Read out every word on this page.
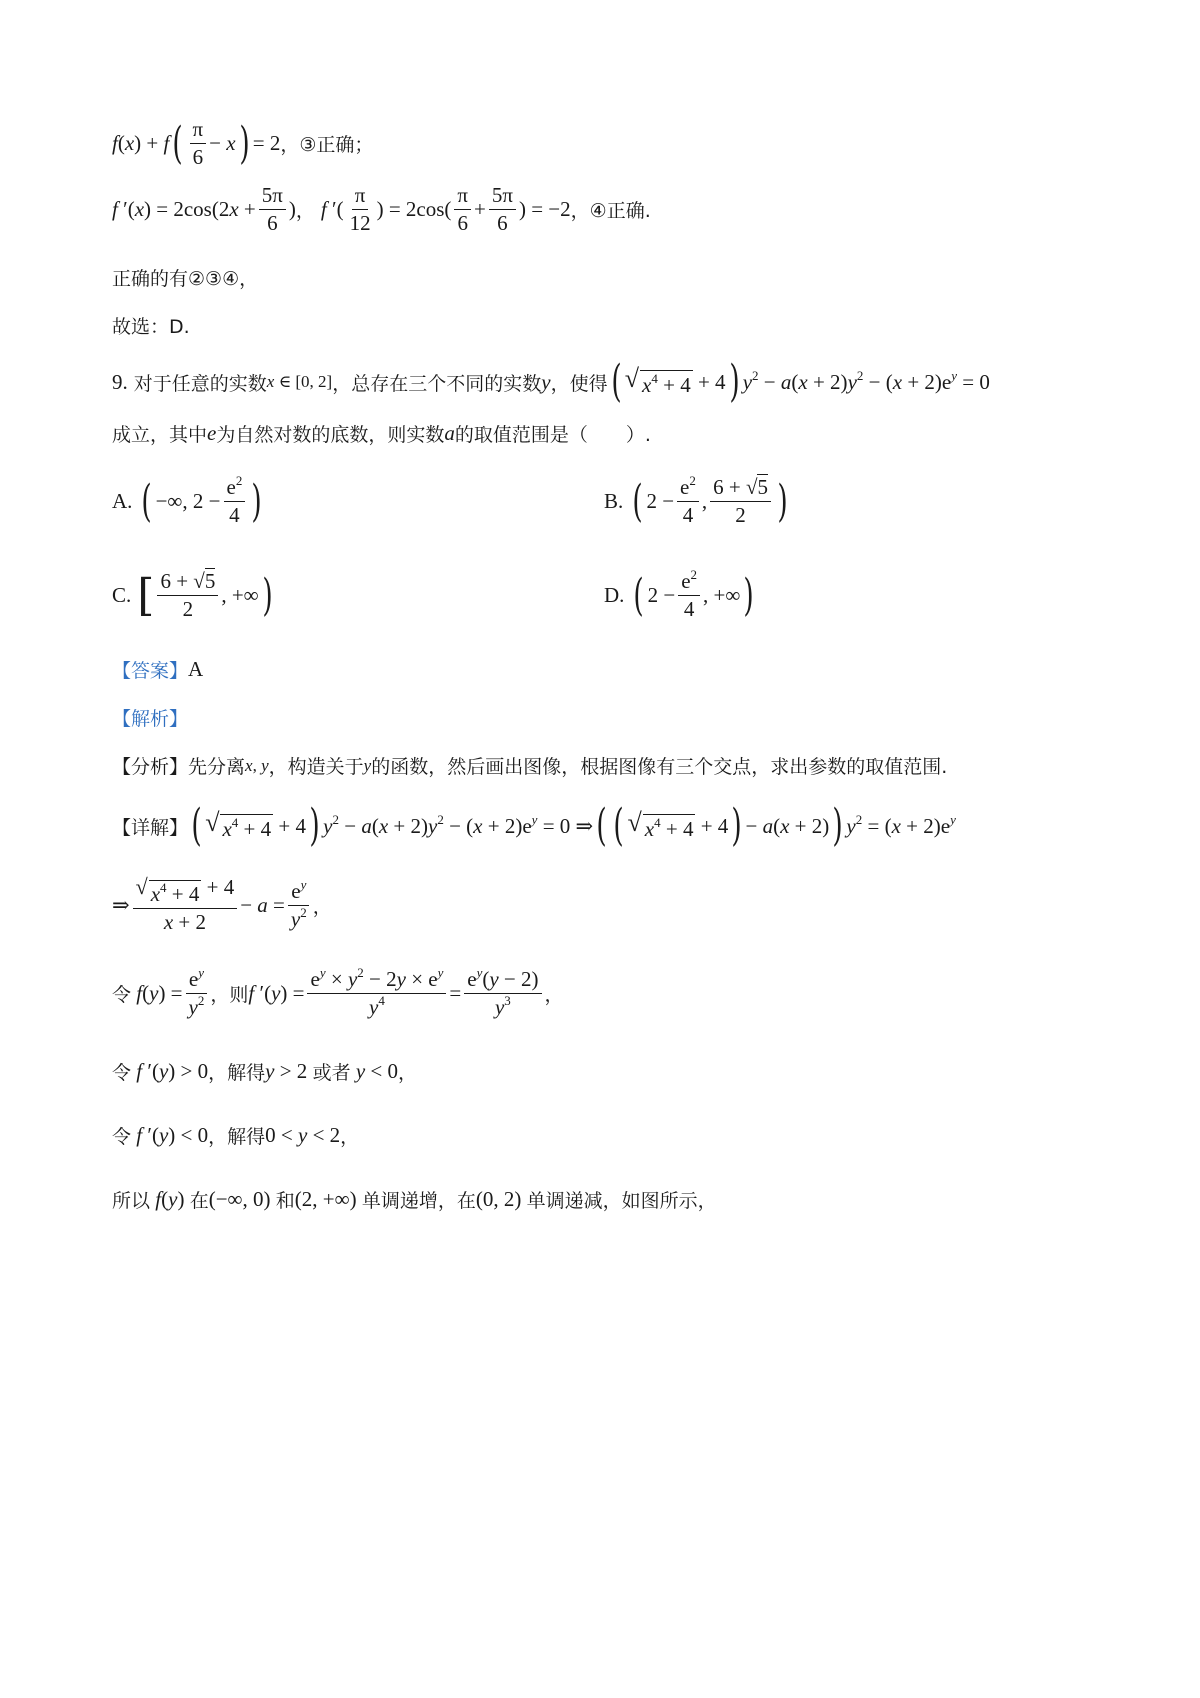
f(x) + f ( $\frac{\pi}{6} - x$ ) = 2 ， ③正确；
f $'(x) = 2\cos(2x + \frac{5\pi}{6}$ ) ， f ′( $\frac{\pi}{12}$ ) = $2\cos( \frac{\pi}{6} + \frac{5\pi}{6}$ ) = −2 ， ④正确.
正确的有②③④，
故选：D.
9. 对于任意的实数 x ∈ [0, 2] ，总存在三个不同的实数 y ，使得 ( √ $x^4 + 4 + 4$ ) $y^2 - a(x + 2)y^2 - (x + 2)e^y = 0$
成立，其中 e 为自然对数的底数，则实数 a 的取值范围是（　　）.
A. ( −∞, $2 - \frac{e^2}{4}$ )	B. ( $2 - \frac{e^2}{4}$ , $\frac{6 + √5}{2}$ )
C. [ $\frac{6 + √5}{2}$ , +∞ )	D. ( $2 - \frac{e^2}{4}$ , +∞ )
【答案】 A
【解析】
【分析】 先分离 x, y ，构造关于 y 的函数，然后画出图像，根据图像有三个交点，求出参数的取值范围.
【详解】 ( √ $x^4 + 4 + 4$ ) $y^2 - a(x + 2)y^2 - (x + 2)e^y = 0$ ⇒ ( ( √ $x^4 + 4 + 4$ ) − a(x + 2) ) $y^2 = (x + 2)e^y$
⇒ $\frac{√ x^4 + 4 + 4}{x + 2} - a = \frac{e^y}{y^2}$ ，
令 $f(y) = \frac{e^y}{y^2}$ ，则 f $'(y) = \frac{e^y \times y^2 - 2y \times e^y}{y^4} = \frac{e^y(y - 2)}{y^3}$ ，
令 f ′(y) > 0 ，解得 y > 2 或者 y < 0 ，
令 f ′(y) < 0 ，解得 0 < y < 2 ，
所以 f(y) 在 (−∞, 0) 和 (2, +∞) 单调递增，在 (0, 2) 单调递减，如图所示，
